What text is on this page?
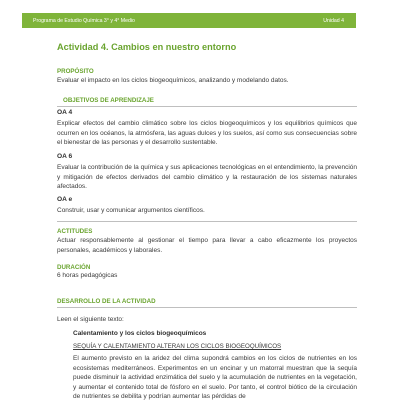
Programa de Estudio Química 3° y 4° Medio	Unidad 4
Actividad 4. Cambios en nuestro entorno
PROPÓSITO

Evaluar el impacto en los ciclos biogeoquímicos, analizando y modelando datos.

OBJETIVOS DE APRENDIZAJE
OA 4

Explicar efectos del cambio climático sobre los ciclos biogeoquímicos y los equilibrios químicos que ocurren en los océanos, la atmósfera, las aguas dulces y los suelos, así como sus consecuencias sobre el bienestar de las personas y el desarrollo sustentable.

OA 6

Evaluar la contribución de la química y sus aplicaciones tecnológicas en el entendimiento, la prevención y mitigación de efectos derivados del cambio climático y la restauración de los sistemas naturales afectados.

OA e

Construir, usar y comunicar argumentos científicos.

ACTITUDES

Actuar responsablemente al gestionar el tiempo para llevar a cabo eficazmente los proyectos personales, académicos y laborales.

DURACIÓN

6 horas pedagógicas

DESARROLLO DE LA ACTIVIDAD

Leen el siguiente texto:

Calentamiento y los ciclos biogeoquímicos
SEQUÍA Y CALENTAMIENTO ALTERAN LOS CICLOS BIOGEOQUÍMICOS

El aumento previsto en la aridez del clima supondrá cambios en los ciclos de nutrientes en los ecosistemas mediterráneos. Experimentos en un encinar y un matorral muestran que la sequía puede disminuir la actividad enzimática del suelo y la acumulación de nutrientes en la vegetación, y aumentar el contenido total de fósforo en el suelo. Por tanto, el control biótico de la circulación de nutrientes se debilita y podrían aumentar las pérdidas de
